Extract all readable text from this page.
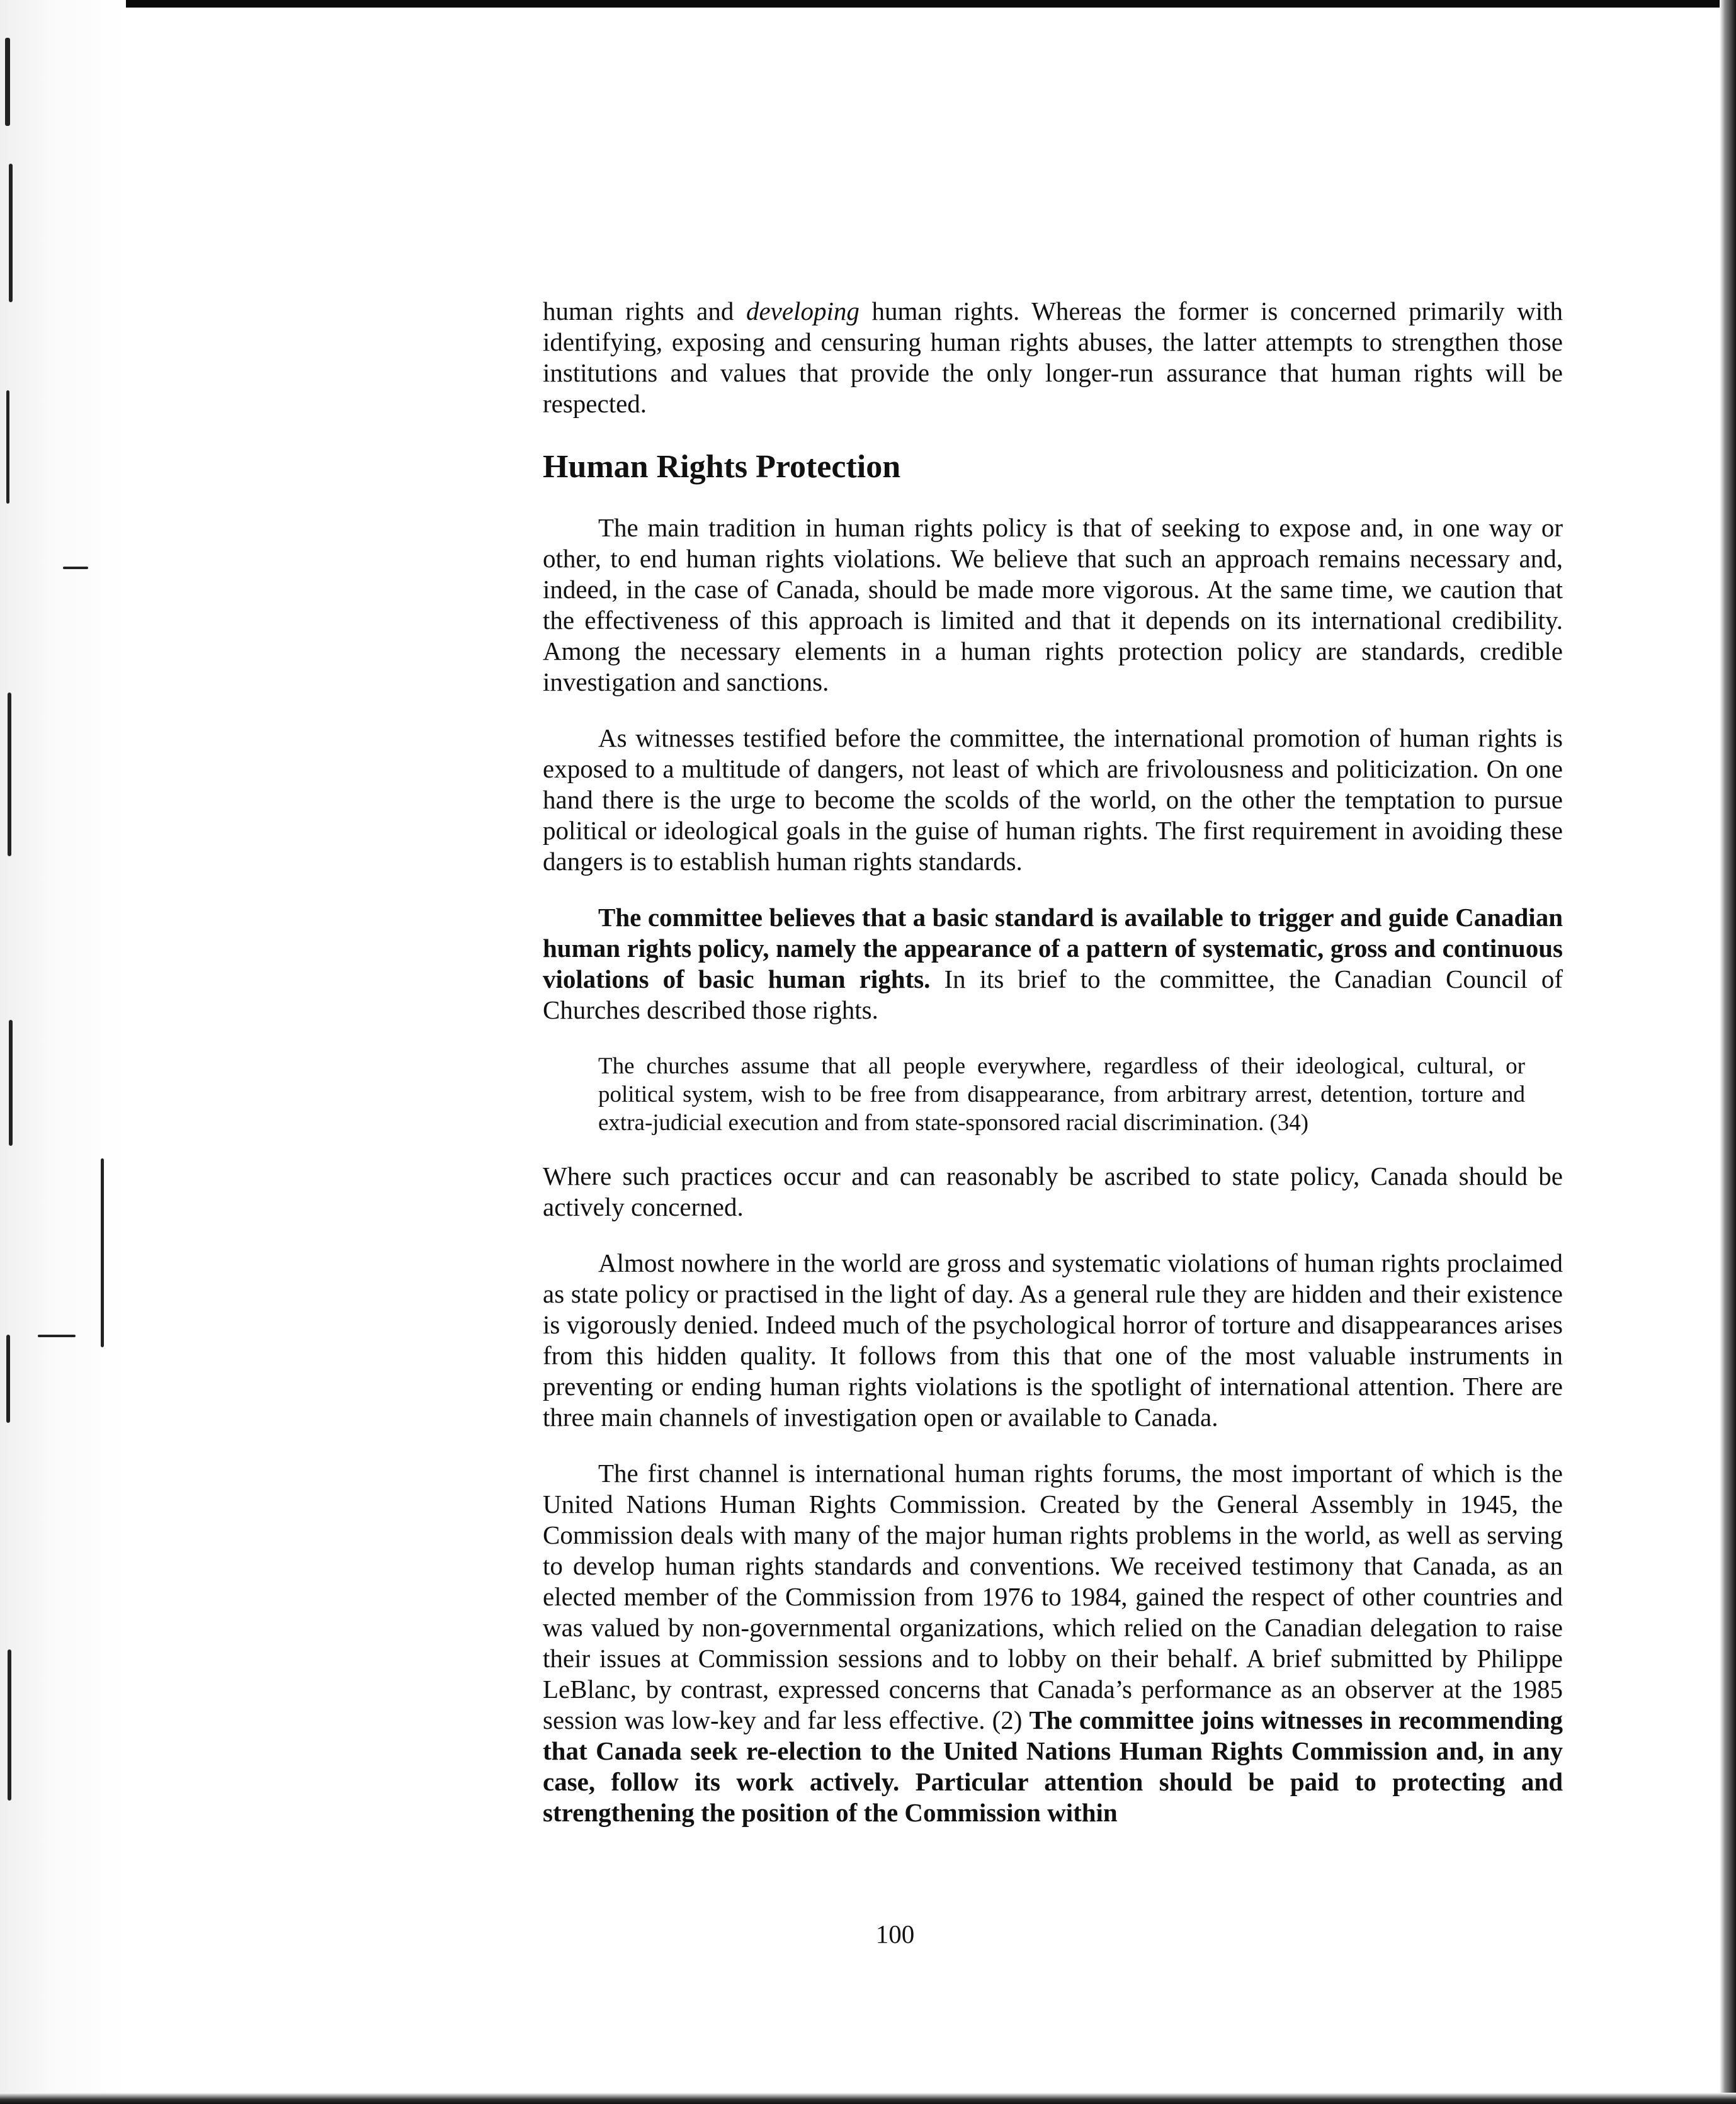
human rights and developing human rights. Whereas the former is concerned primarily with identifying, exposing and censuring human rights abuses, the latter attempts to strengthen those institutions and values that provide the only longer-run assurance that human rights will be respected.

Human Rights Protection

The main tradition in human rights policy is that of seeking to expose and, in one way or other, to end human rights violations. We believe that such an approach remains necessary and, indeed, in the case of Canada, should be made more vigorous. At the same time, we caution that the effectiveness of this approach is limited and that it depends on its international credibility. Among the necessary elements in a human rights protection policy are standards, credible investigation and sanctions.

As witnesses testified before the committee, the international promotion of human rights is exposed to a multitude of dangers, not least of which are frivolousness and politicization. On one hand there is the urge to become the scolds of the world, on the other the temptation to pursue political or ideological goals in the guise of human rights. The first requirement in avoiding these dangers is to establish human rights standards.

The committee believes that a basic standard is available to trigger and guide Canadian human rights policy, namely the appearance of a pattern of systematic, gross and continuous violations of basic human rights. In its brief to the committee, the Canadian Council of Churches described those rights.

The churches assume that all people everywhere, regardless of their ideological, cultural, or political system, wish to be free from disappearance, from arbitrary arrest, detention, torture and extra-judicial execution and from state-sponsored racial discrimination. (34)

Where such practices occur and can reasonably be ascribed to state policy, Canada should be actively concerned.

Almost nowhere in the world are gross and systematic violations of human rights proclaimed as state policy or practised in the light of day. As a general rule they are hidden and their existence is vigorously denied. Indeed much of the psychological horror of torture and disappearances arises from this hidden quality. It follows from this that one of the most valuable instruments in preventing or ending human rights violations is the spotlight of international attention. There are three main channels of investigation open or available to Canada.

The first channel is international human rights forums, the most important of which is the United Nations Human Rights Commission. Created by the General Assembly in 1945, the Commission deals with many of the major human rights problems in the world, as well as serving to develop human rights standards and conventions. We received testimony that Canada, as an elected member of the Commission from 1976 to 1984, gained the respect of other countries and was valued by non-governmental organizations, which relied on the Canadian delegation to raise their issues at Commission sessions and to lobby on their behalf. A brief submitted by Philippe LeBlanc, by contrast, expressed concerns that Canada’s performance as an observer at the 1985 session was low-key and far less effective. (2) The committee joins witnesses in recommending that Canada seek re-election to the United Nations Human Rights Commission and, in any case, follow its work actively. Particular attention should be paid to protecting and strengthening the position of the Commission within

100
